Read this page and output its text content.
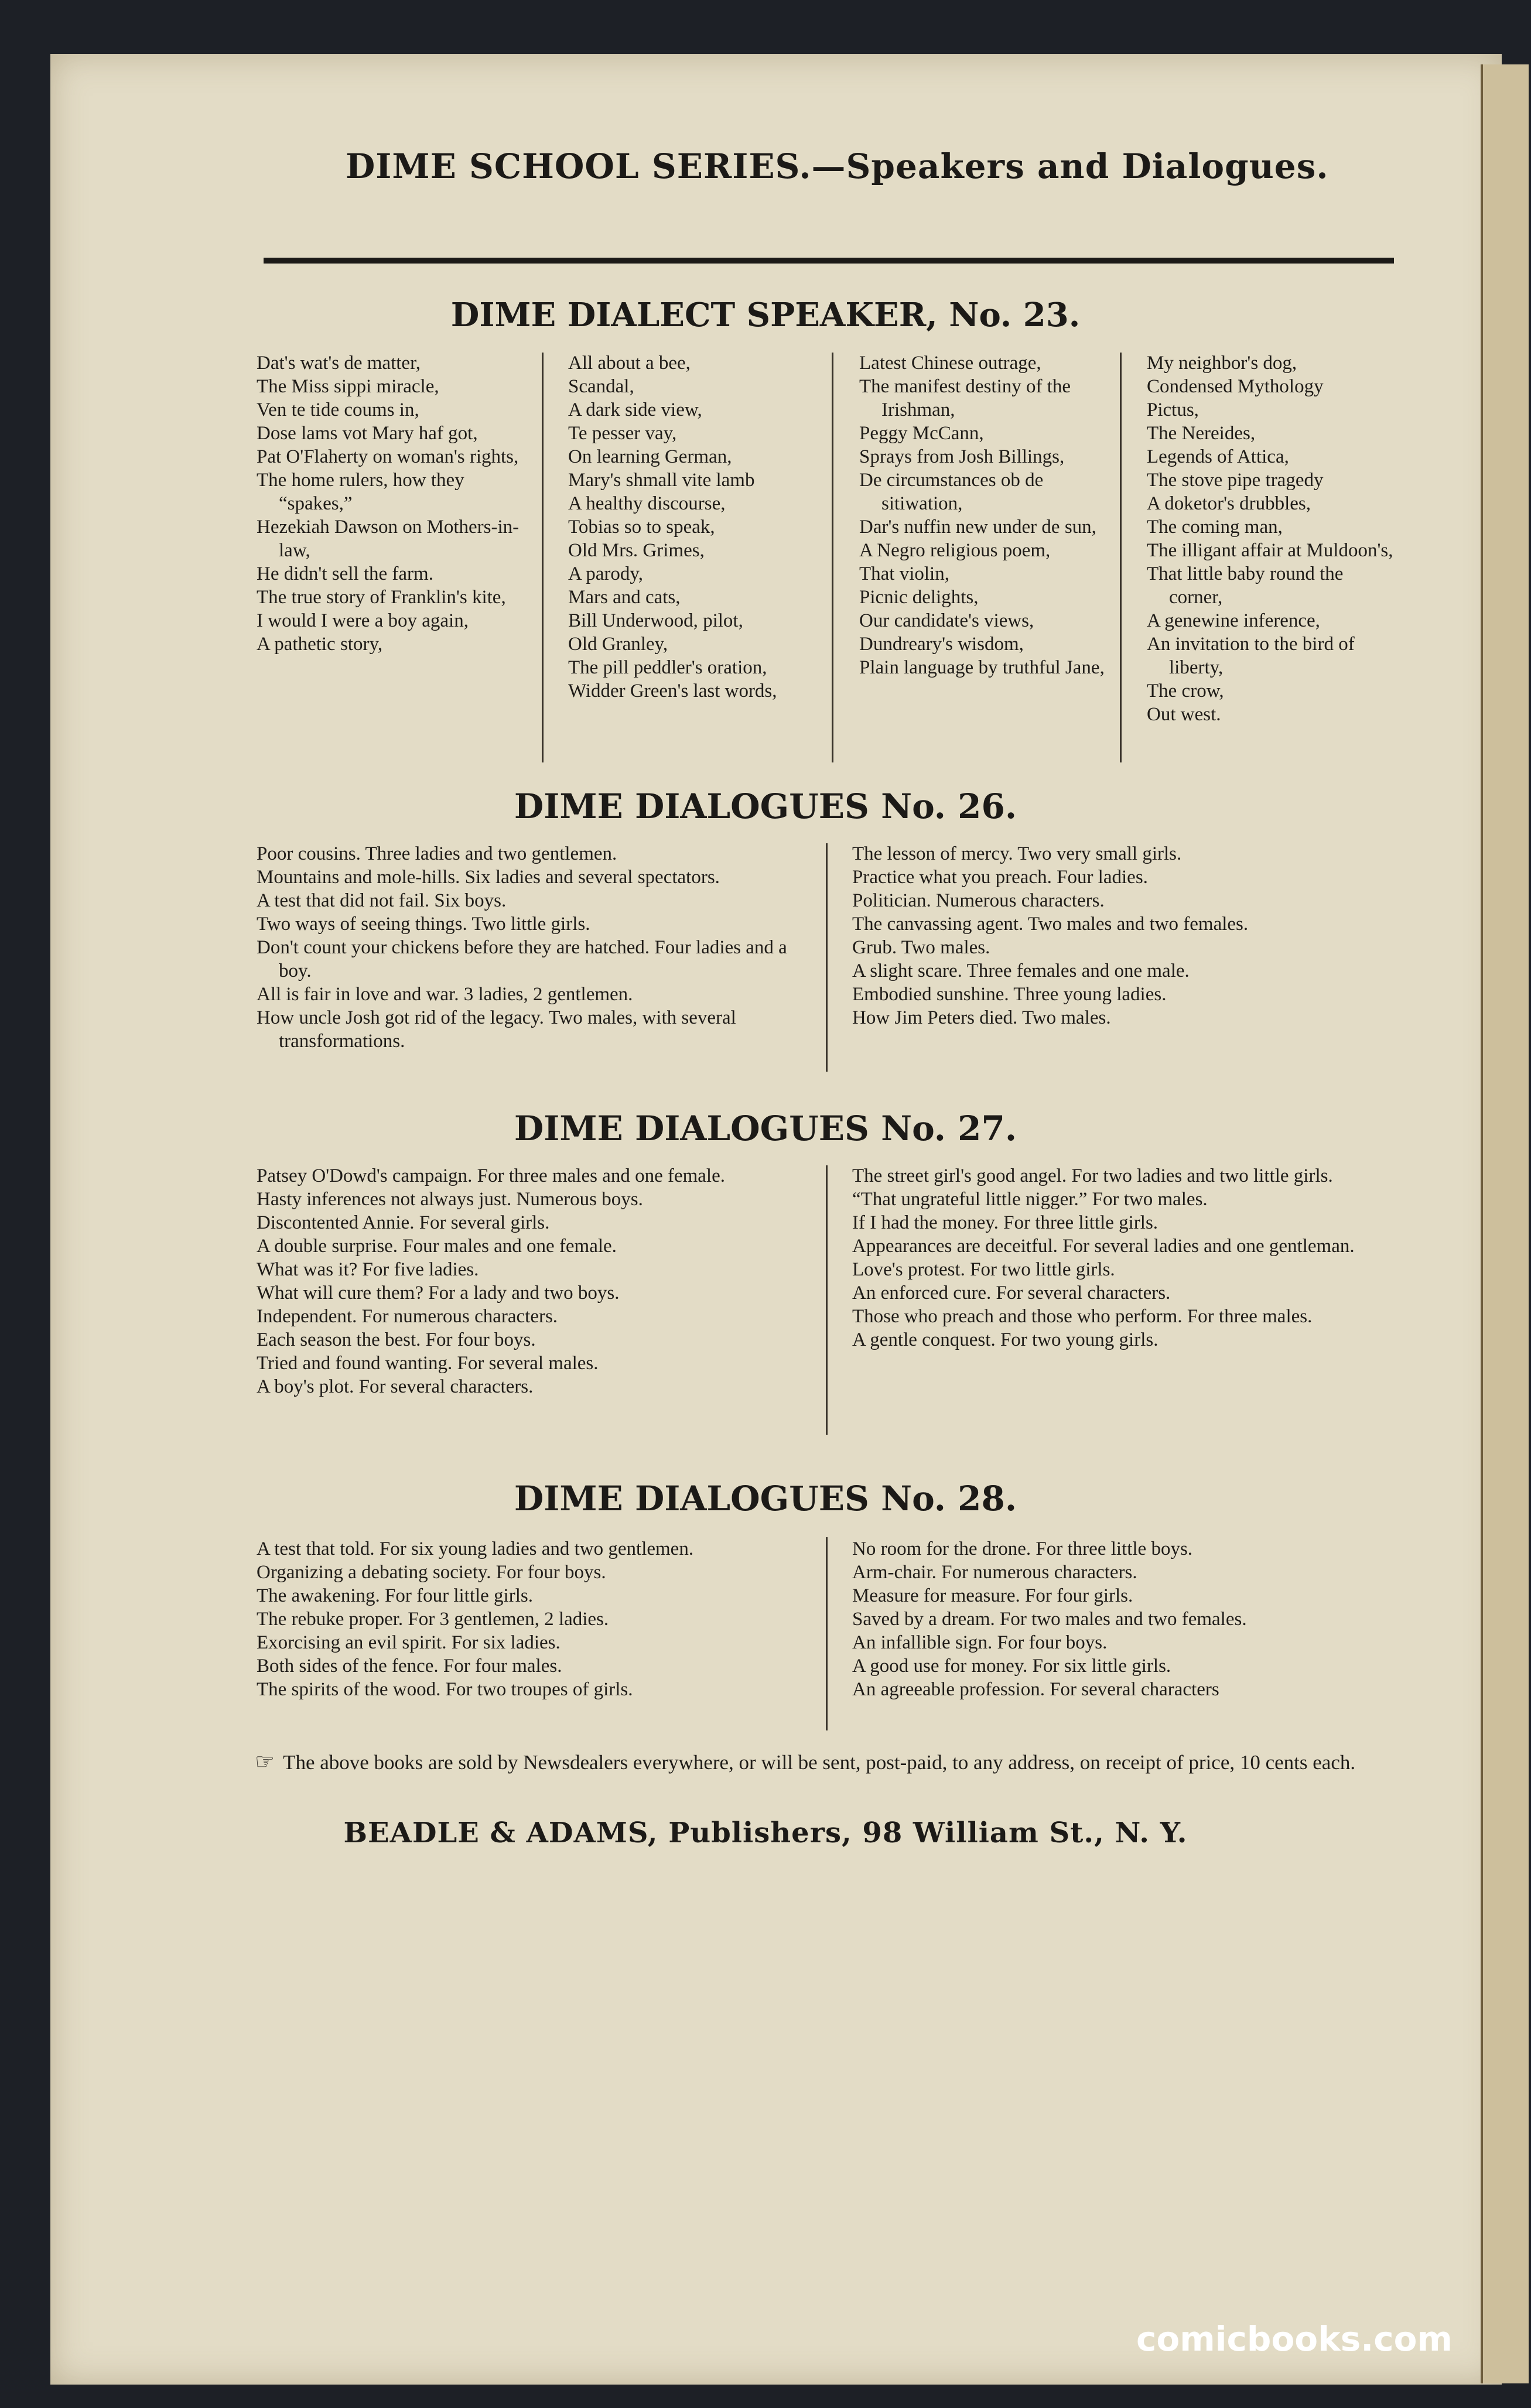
DIME SCHOOL SERIES.—Speakers and Dialogues.
DIME DIALECT SPEAKER, No. 23.
Dat's wat's de matter,
The Miss sippi miracle,
Ven te tide coums in,
Dose lams vot Mary haf got,
Pat O'Flaherty on woman's rights,
The home rulers, how they “spakes,”
Hezekiah Dawson on Mothers-in-law,
He didn't sell the farm.
The true story of Franklin's kite,
I would I were a boy again,
A pathetic story,
All about a bee,
Scandal,
A dark side view,
Te pesser vay,
On learning German,
Mary's shmall vite lamb
A healthy discourse,
Tobias so to speak,
Old Mrs. Grimes,
A parody,
Mars and cats,
Bill Underwood, pilot,
Old Granley,
The pill peddler's oration,
Widder Green's last words,
Latest Chinese outrage,
The manifest destiny of the Irishman,
Peggy McCann,
Sprays from Josh Billings,
De circumstances ob de sitiwation,
Dar's nuffin new under de sun,
A Negro religious poem,
That violin,
Picnic delights,
Our candidate's views,
Dundreary's wisdom,
Plain language by truthful Jane,
My neighbor's dog,
Condensed Mythology
Pictus,
The Nereides,
Legends of Attica,
The stove pipe tragedy
A doketor's drubbles,
The coming man,
The illigant affair at Muldoon's,
That little baby round the corner,
A genewine inference,
An invitation to the bird of liberty,
The crow,
Out west.
DIME DIALOGUES No. 26.
Poor cousins. Three ladies and two gentlemen.
Mountains and mole-hills. Six ladies and several spectators.
A test that did not fail. Six boys.
Two ways of seeing things. Two little girls.
Don't count your chickens before they are hatched. Four ladies and a boy.
All is fair in love and war. 3 ladies, 2 gentlemen.
How uncle Josh got rid of the legacy. Two males, with several transformations.
The lesson of mercy. Two very small girls.
Practice what you preach. Four ladies.
Politician. Numerous characters.
The canvassing agent. Two males and two females.
Grub. Two males.
A slight scare. Three females and one male.
Embodied sunshine. Three young ladies.
How Jim Peters died. Two males.
DIME DIALOGUES No. 27.
Patsey O'Dowd's campaign. For three males and one female.
Hasty inferences not always just. Numerous boys.
Discontented Annie. For several girls.
A double surprise. Four males and one female.
What was it? For five ladies.
What will cure them? For a lady and two boys.
Independent. For numerous characters.
Each season the best. For four boys.
Tried and found wanting. For several males.
A boy's plot. For several characters.
The street girl's good angel. For two ladies and two little girls.
“That ungrateful little nigger.” For two males.
If I had the money. For three little girls.
Appearances are deceitful. For several ladies and one gentleman.
Love's protest. For two little girls.
An enforced cure. For several characters.
Those who preach and those who perform. For three males.
A gentle conquest. For two young girls.
DIME DIALOGUES No. 28.
A test that told. For six young ladies and two gentlemen.
Organizing a debating society. For four boys.
The awakening. For four little girls.
The rebuke proper. For 3 gentlemen, 2 ladies.
Exorcising an evil spirit. For six ladies.
Both sides of the fence. For four males.
The spirits of the wood. For two troupes of girls.
No room for the drone. For three little boys.
Arm-chair. For numerous characters.
Measure for measure. For four girls.
Saved by a dream. For two males and two females.
An infallible sign. For four boys.
A good use for money. For six little girls.
An agreeable profession. For several characters
☞ The above books are sold by Newsdealers everywhere, or will be sent, post-paid, to any address, on receipt of price, 10 cents each.
BEADLE & ADAMS, Publishers, 98 William St., N. Y.
comicbooks.com
